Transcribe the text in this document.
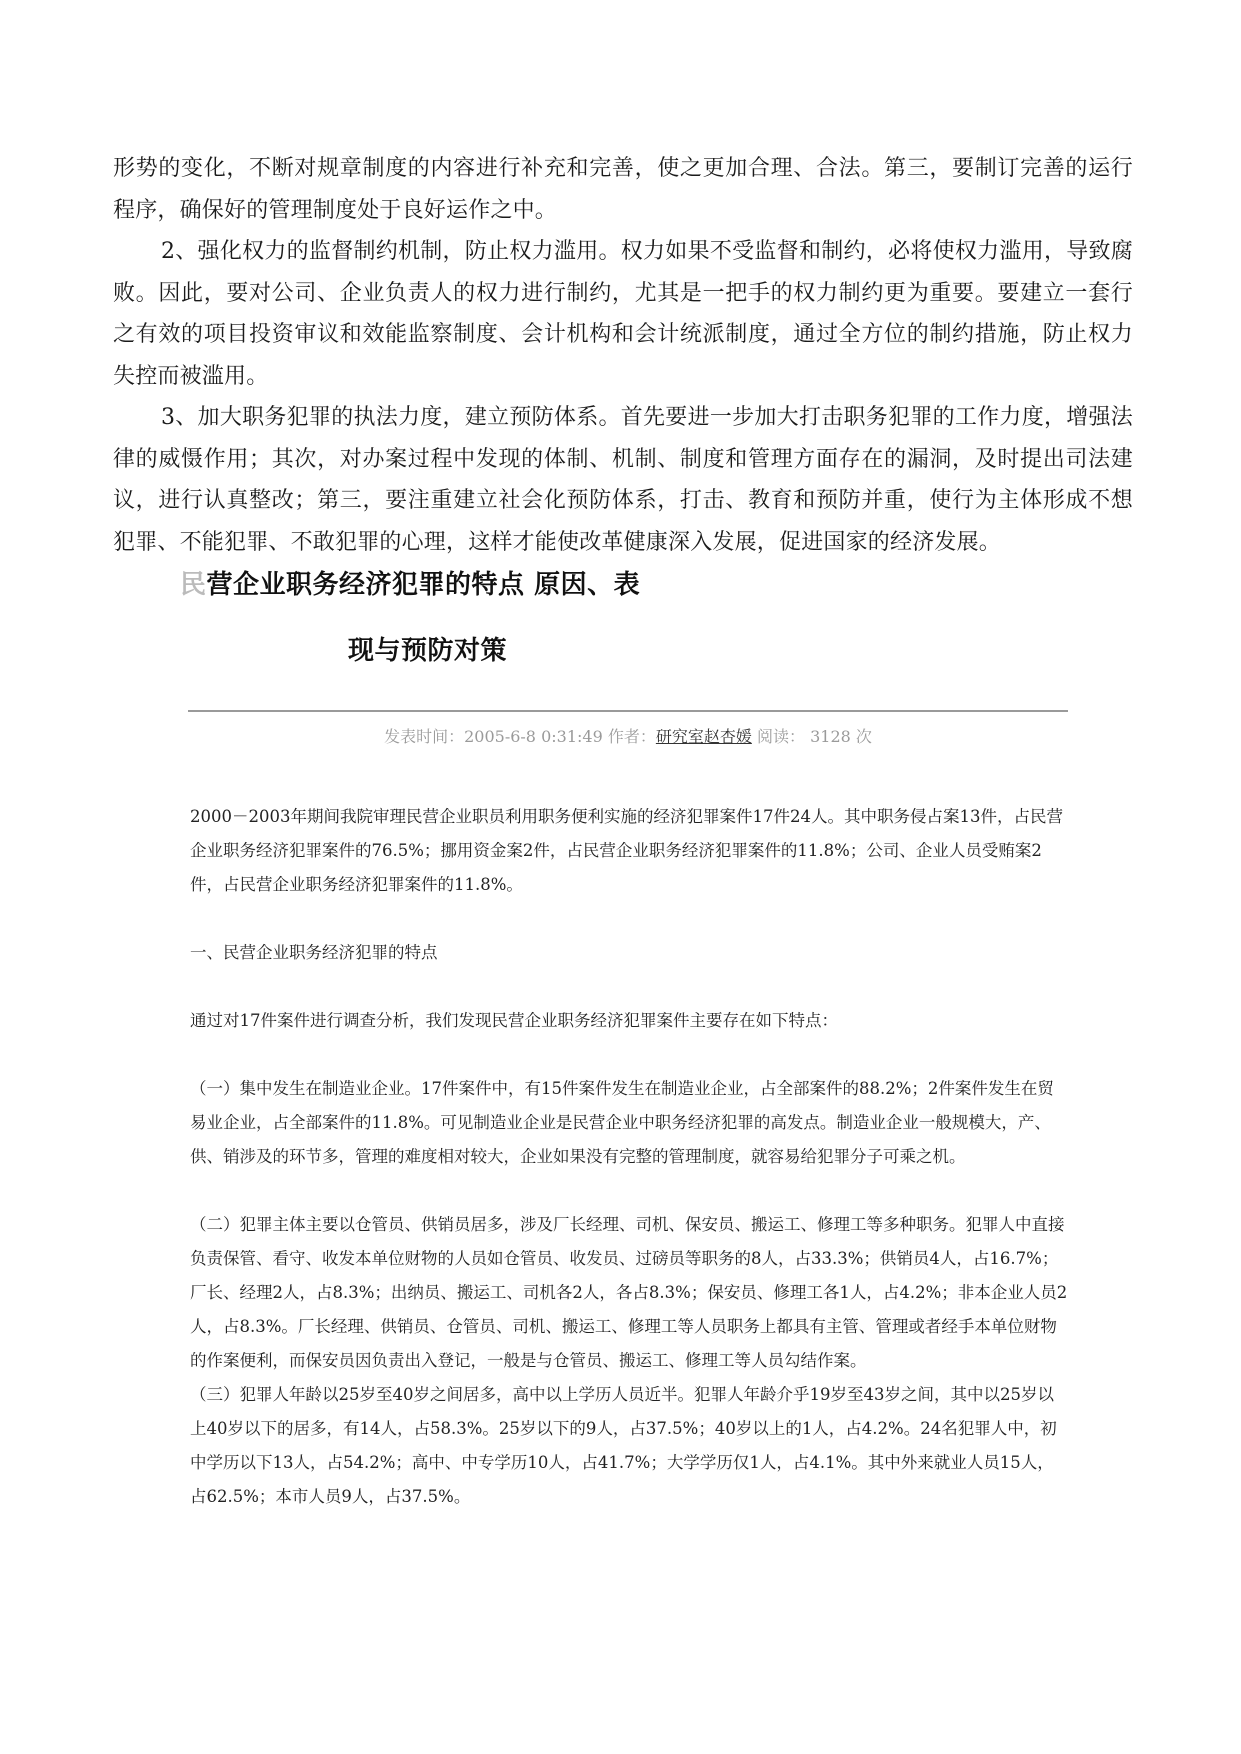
形势的变化，不断对规章制度的内容进行补充和完善，使之更加合理、合法。第三，要制订完善的运行程序，确保好的管理制度处于良好运作之中。

2、强化权力的监督制约机制，防止权力滥用。权力如果不受监督和制约，必将使权力滥用，导致腐败。因此，要对公司、企业负责人的权力进行制约，尤其是一把手的权力制约更为重要。要建立一套行之有效的项目投资审议和效能监察制度、会计机构和会计统派制度，通过全方位的制约措施，防止权力失控而被滥用。

3、加大职务犯罪的执法力度，建立预防体系。首先要进一步加大打击职务犯罪的工作力度，增强法律的威慑作用；其次，对办案过程中发现的体制、机制、制度和管理方面存在的漏洞，及时提出司法建议，进行认真整改；第三，要注重建立社会化预防体系，打击、教育和预防并重，使行为主体形成不想犯罪、不能犯罪、不敢犯罪的心理，这样才能使改革健康深入发展，促进国家的经济发展。

民营企业职务经济犯罪的特点 原因、表
现与预防对策
发表时间：2005-6-8 0:31:49 作者：研究室赵杏媛 阅读： 3128 次

2000－2003年期间我院审理民营企业职员利用职务便利实施的经济犯罪案件17件24人。其中职务侵占案13件，占民营企业职务经济犯罪案件的76.5%；挪用资金案2件，占民营企业职务经济犯罪案件的11.8%；公司、企业人员受贿案2件，占民营企业职务经济犯罪案件的11.8%。

一、民营企业职务经济犯罪的特点

通过对17件案件进行调查分析，我们发现民营企业职务经济犯罪案件主要存在如下特点：

（一）集中发生在制造业企业。17件案件中，有15件案件发生在制造业企业，占全部案件的88.2%；2件案件发生在贸易业企业，占全部案件的11.8%。可见制造业企业是民营企业中职务经济犯罪的高发点。制造业企业一般规模大，产、供、销涉及的环节多，管理的难度相对较大，企业如果没有完整的管理制度，就容易给犯罪分子可乘之机。

（二）犯罪主体主要以仓管员、供销员居多，涉及厂长经理、司机、保安员、搬运工、修理工等多种职务。犯罪人中直接负责保管、看守、收发本单位财物的人员如仓管员、收发员、过磅员等职务的8人，占33.3%；供销员4人，占16.7%；厂长、经理2人，占8.3%；出纳员、搬运工、司机各2人，各占8.3%；保安员、修理工各1人，占4.2%；非本企业人员2人，占8.3%。厂长经理、供销员、仓管员、司机、搬运工、修理工等人员职务上都具有主管、管理或者经手本单位财物的作案便利，而保安员因负责出入登记，一般是与仓管员、搬运工、修理工等人员勾结作案。

（三）犯罪人年龄以25岁至40岁之间居多，高中以上学历人员近半。犯罪人年龄介乎19岁至43岁之间，其中以25岁以上40岁以下的居多，有14人，占58.3%。25岁以下的9人，占37.5%；40岁以上的1人，占4.2%。24名犯罪人中，初中学历以下13人，占54.2%；高中、中专学历10人，占41.7%；大学学历仅1人，占4.1%。其中外来就业人员15人，占62.5%；本市人员9人，占37.5%。
